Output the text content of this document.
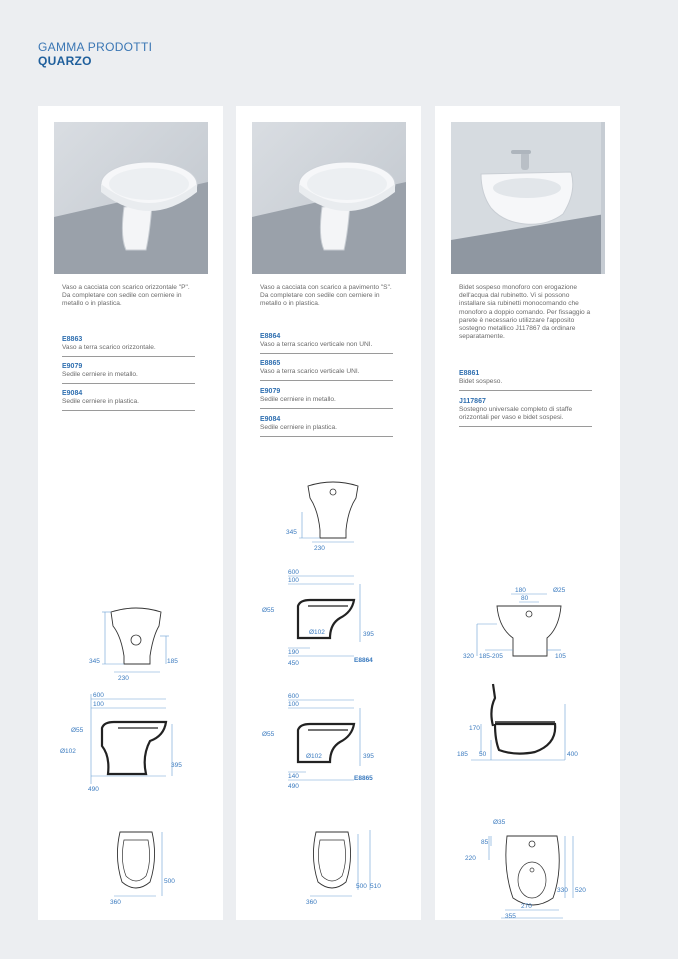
GAMMA PRODOTTI
QUARZO
Vaso a cacciata con scarico orizzontale "P". Da completare con sedile con cerniere in metallo o in plastica.
E8863
Vaso a terra scarico orizzontale.
E9079
Sedile cerniere in metallo.
E9084
Sedile cerniere in plastica.
345	185
230
600
100
Ø55
Ø102
395
490
360
500
Vaso a cacciata con scarico a pavimento "S". Da completare con sedile con cerniere in metallo o in plastica.
E8864
Vaso a terra scarico verticale non UNI.
E8865
Vaso a terra scarico verticale UNI.
E9079
Sedile cerniere in metallo.
E9084
Sedile cerniere in plastica.
345
230
600
100
Ø55
Ø102	395
190
450	E8864
600
100
Ø55
Ø102	395
140
490
E8865
360
500 510
Bidet sospeso monoforo con erogazione dell'acqua dal rubinetto. Vi si possono installare sia rubinetti monocomando che monoforo a doppio comando. Per fissaggio a parete è necessario utilizzare l'apposito sostegno metallico J117867 da ordinare separatamente.
E8861
Bidet sospeso.
J117867
Sostegno universale completo di staffe orizzontali per vaso e bidet sospesi.
180
80
Ø25
320 185-205	105
170
185 50	400
Ø35
85
220
330 520
270
355
